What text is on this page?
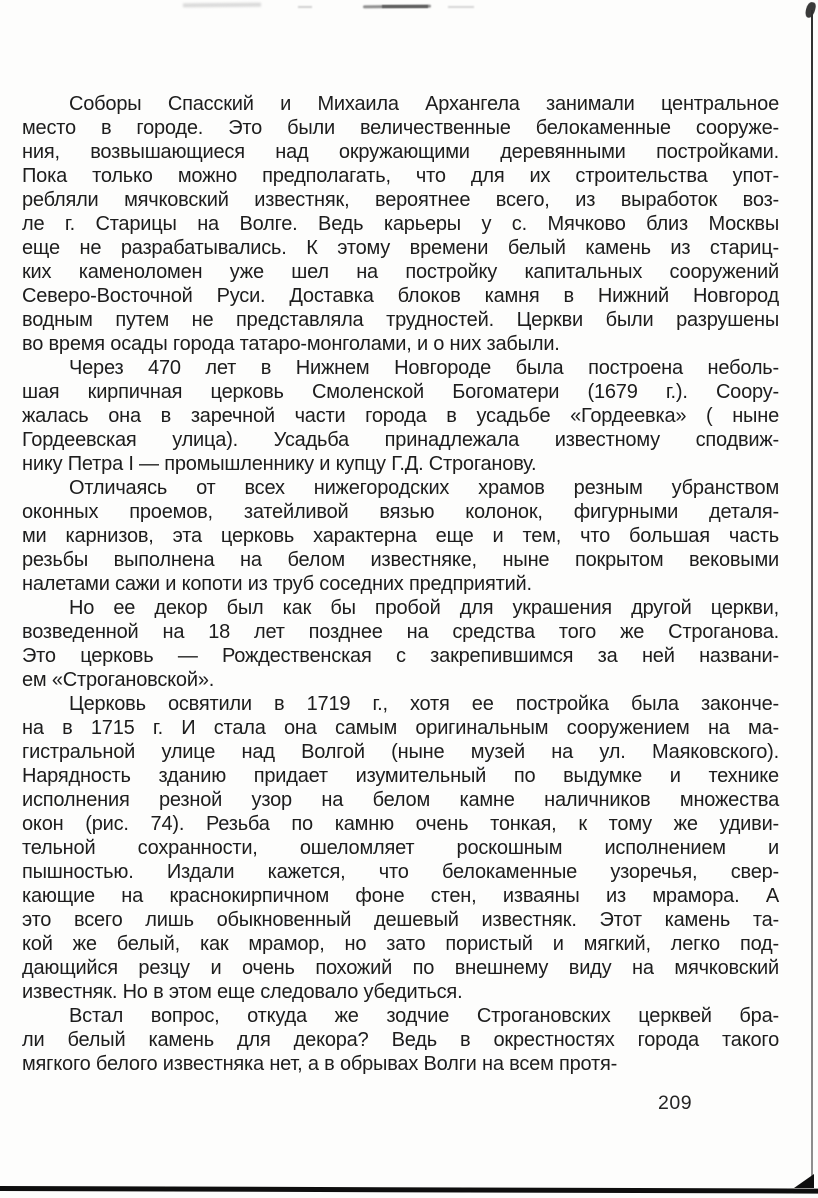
Соборы Спасский и Михаила Архангела занимали центральное
место в городе. Это были величественные белокаменные сооруже-
ния, возвышающиеся над окружающими деревянными постройками.
Пока только можно предполагать, что для их строительства упот-
ребляли мячковский известняк, вероятнее всего, из выработок воз-
ле г. Старицы на Волге. Ведь карьеры у с. Мячково близ Москвы
еще не разрабатывались. К этому времени белый камень из стариц-
ких каменоломен уже шел на постройку капитальных сооружений
Северо-Восточной Руси. Доставка блоков камня в Нижний Новгород
водным путем не представляла трудностей. Церкви были разрушены
во время осады города татаро-монголами, и о них забыли.
Через 470 лет в Нижнем Новгороде была построена неболь-
шая кирпичная церковь Смоленской Богоматери (1679 г.). Соору-
жалась она в заречной части города в усадьбе «Гордеевка» ( ныне
Гордеевская улица). Усадьба принадлежала известному сподвиж-
нику Петра I — промышленнику и купцу Г.Д. Строганову.
Отличаясь от всех нижегородских храмов резным убранством
оконных проемов, затейливой вязью колонок, фигурными деталя-
ми карнизов, эта церковь характерна еще и тем, что большая часть
резьбы выполнена на белом известняке, ныне покрытом вековыми
налетами сажи и копоти из труб соседних предприятий.
Но ее декор был как бы пробой для украшения другой церкви,
возведенной на 18 лет позднее на средства того же Строганова.
Это церковь — Рождественская с закрепившимся за ней названи-
ем «Строгановской».
Церковь освятили в 1719 г., хотя ее постройка была законче-
на в 1715 г. И стала она самым оригинальным сооружением на ма-
гистральной улице над Волгой (ныне музей на ул. Маяковского).
Нарядность зданию придает изумительный по выдумке и технике
исполнения резной узор на белом камне наличников множества
окон (рис. 74). Резьба по камню очень тонкая, к тому же удиви-
тельной сохранности, ошеломляет роскошным исполнением и
пышностью. Издали кажется, что белокаменные узоречья, свер-
кающие на краснокирпичном фоне стен, изваяны из мрамора. А
это всего лишь обыкновенный дешевый известняк. Этот камень та-
кой же белый, как мрамор, но зато пористый и мягкий, легко под-
дающийся резцу и очень похожий по внешнему виду на мячковский
известняк. Но в этом еще следовало убедиться.
Встал вопрос, откуда же зодчие Строгановских церквей бра-
ли белый камень для декора? Ведь в окрестностях города такого
мягкого белого известняка нет, а в обрывах Волги на всем протя-
209
